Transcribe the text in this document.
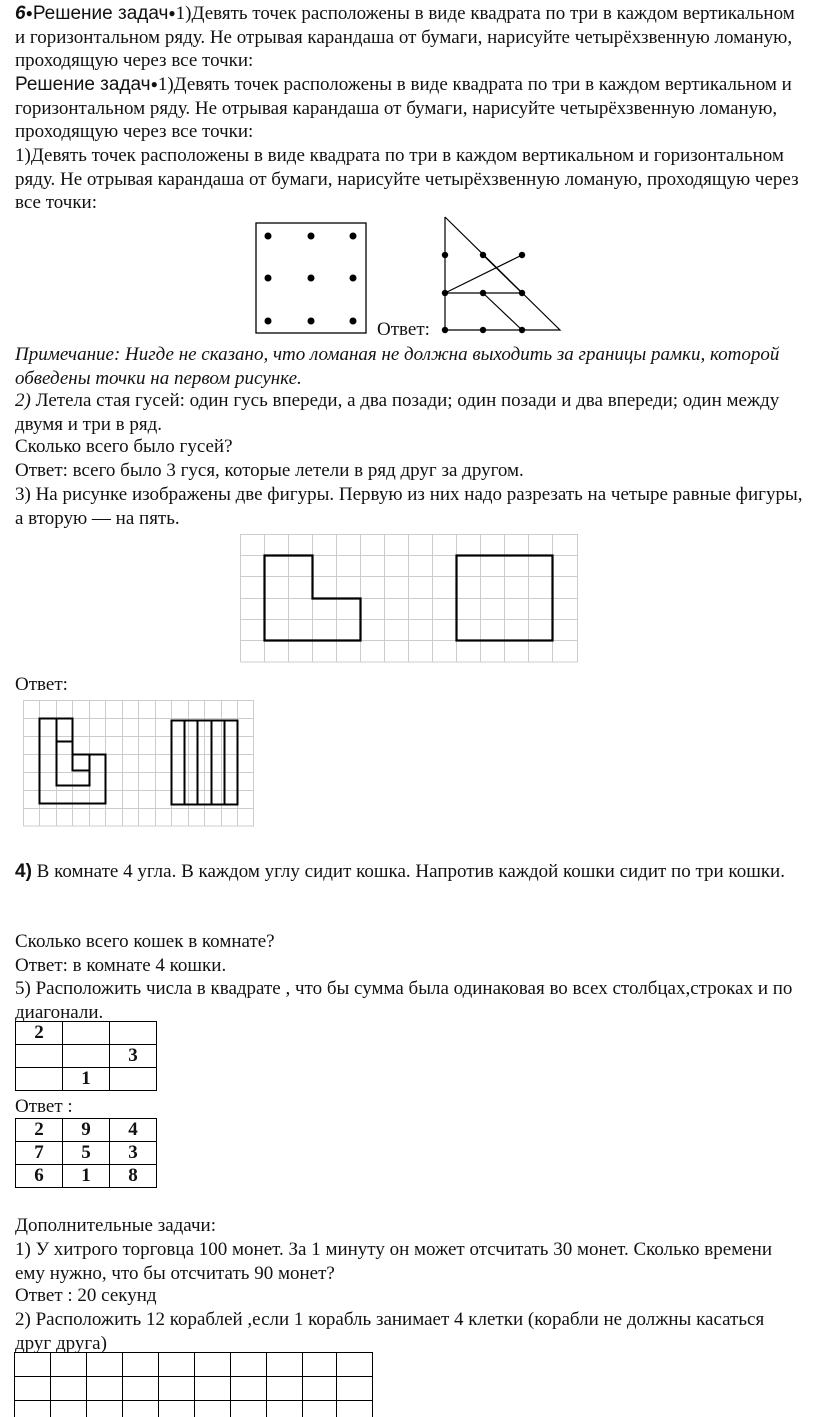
6●Решение задач●1)Девять точек расположены в виде квадрата по три в каждом вертикальном и горизонтальном ряду. Не отрывая карандаша от бумаги, нарисуйте четырёхзвенную ломаную, проходящую через все точки:
Решение задач●1)Девять точек расположены в виде квадрата по три в каждом вертикальном и горизонтальном ряду. Не отрывая карандаша от бумаги, нарисуйте четырёхзвенную ломаную, проходящую через все точки:
1)Девять точек расположены в виде квадрата по три в каждом вертикальном и горизонтальном ряду. Не отрывая карандаша от бумаги, нарисуйте четырёхзвенную ломаную, проходящую через все точки:
Ответ:
Примечание: Нигде не сказано, что ломаная не должна выходить за границы рамки, которой обведены точки на первом рисунке.
2) Летела стая гусей: один гусь впереди, а два позади; один позади и два впереди; один между двумя и три в ряд.
Сколько всего было гусей?
Ответ: всего было 3 гуся, которые летели в ряд друг за другом.
3) На рисунке изображены две фигуры. Первую из них надо разрезать на четыре равные фигуры, а вторую — на пять.
Ответ:
4) В комнате 4 угла. В каждом углу сидит кошка. Напротив каждой кошки сидит по три кошки.
Сколько всего кошек в комнате?
Ответ: в комнате 4 кошки.
5) Расположить числа в квадрате , что бы сумма была одинаковая во всех столбцах,строках и по диагонали.
2		
		3
	1	
Ответ :
2	9	4
7	5	3
6	1	8
Дополнительные задачи:
1) У хитрого торговца 100 монет. За 1 минуту он может отсчитать 30 монет. Сколько времени ему нужно, что бы отсчитать 90 монет?
Ответ : 20 секунд
2) Расположить 12 кораблей ,если 1 корабль занимает 4 клетки (корабли не должны касаться друг друга)
